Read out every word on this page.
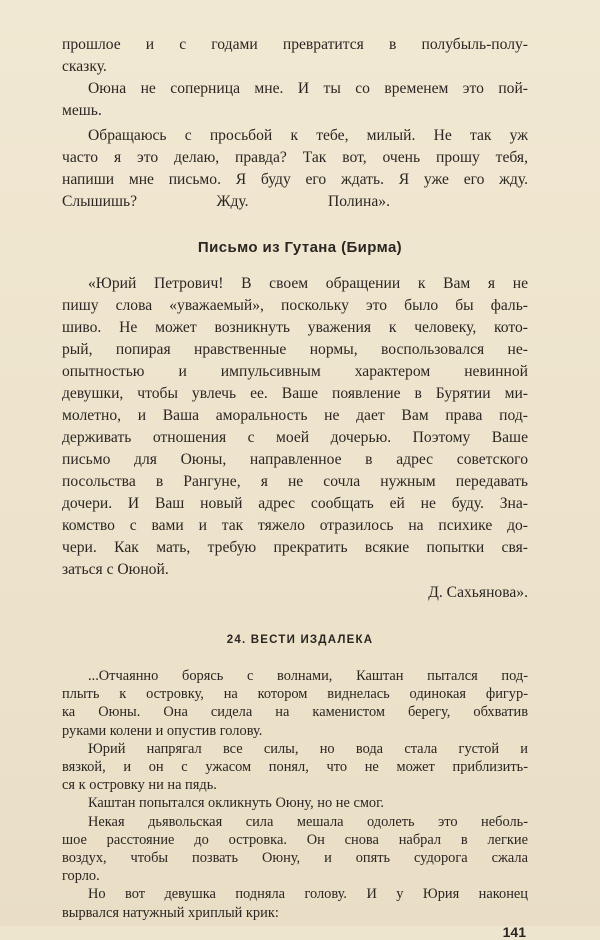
прошлое и с годами превратится в полубыль-полу-
сказку.
Оюна не соперница мне. И ты со временем это пой-
мешь.
Обращаюсь с просьбой к тебе, милый. Не так уж
часто я это делаю, правда? Так вот, очень прошу тебя,
напиши мне письмо. Я буду его ждать. Я уже его жду.
Слышишь? Жду. Полина».
Письмо из Гутана (Бирма)
«Юрий Петрович! В своем обращении к Вам я не
пишу слова «уважаемый», поскольку это было бы фаль-
шиво. Не может возникнуть уважения к человеку, кото-
рый, попирая нравственные нормы, воспользовался не-
опытностью и импульсивным характером невинной
девушки, чтобы увлечь ее. Ваше появление в Бурятии ми-
молетно, и Ваша аморальность не дает Вам права под-
держивать отношения с моей дочерью. Поэтому Ваше
письмо для Оюны, направленное в адрес советского
посольства в Рангуне, я не сочла нужным передавать
дочери. И Ваш новый адрес сообщать ей не буду. Зна-
комство с вами и так тяжело отразилось на психике до-
чери. Как мать, требую прекратить всякие попытки свя-
заться с Оюной.
Д. Сахьянова».
24. ВЕСТИ ИЗДАЛЕКА
...Отчаянно борясь с волнами, Каштан пытался под-
плыть к островку, на котором виднелась одинокая фигур-
ка Оюны. Она сидела на каменистом берегу, обхватив
руками колени и опустив голову.
Юрий напрягал все силы, но вода стала густой и
вязкой, и он с ужасом понял, что не может приблизить-
ся к островку ни на пядь.
Каштан попытался окликнуть Оюну, но не смог.
Некая дьявольская сила мешала одолеть это неболь-
шое расстояние до островка. Он снова набрал в легкие
воздух, чтобы позвать Оюну, и опять судорога сжала
горло.
Но вот девушка подняла голову. И у Юрия наконец
вырвался натужный хриплый крик:
141
